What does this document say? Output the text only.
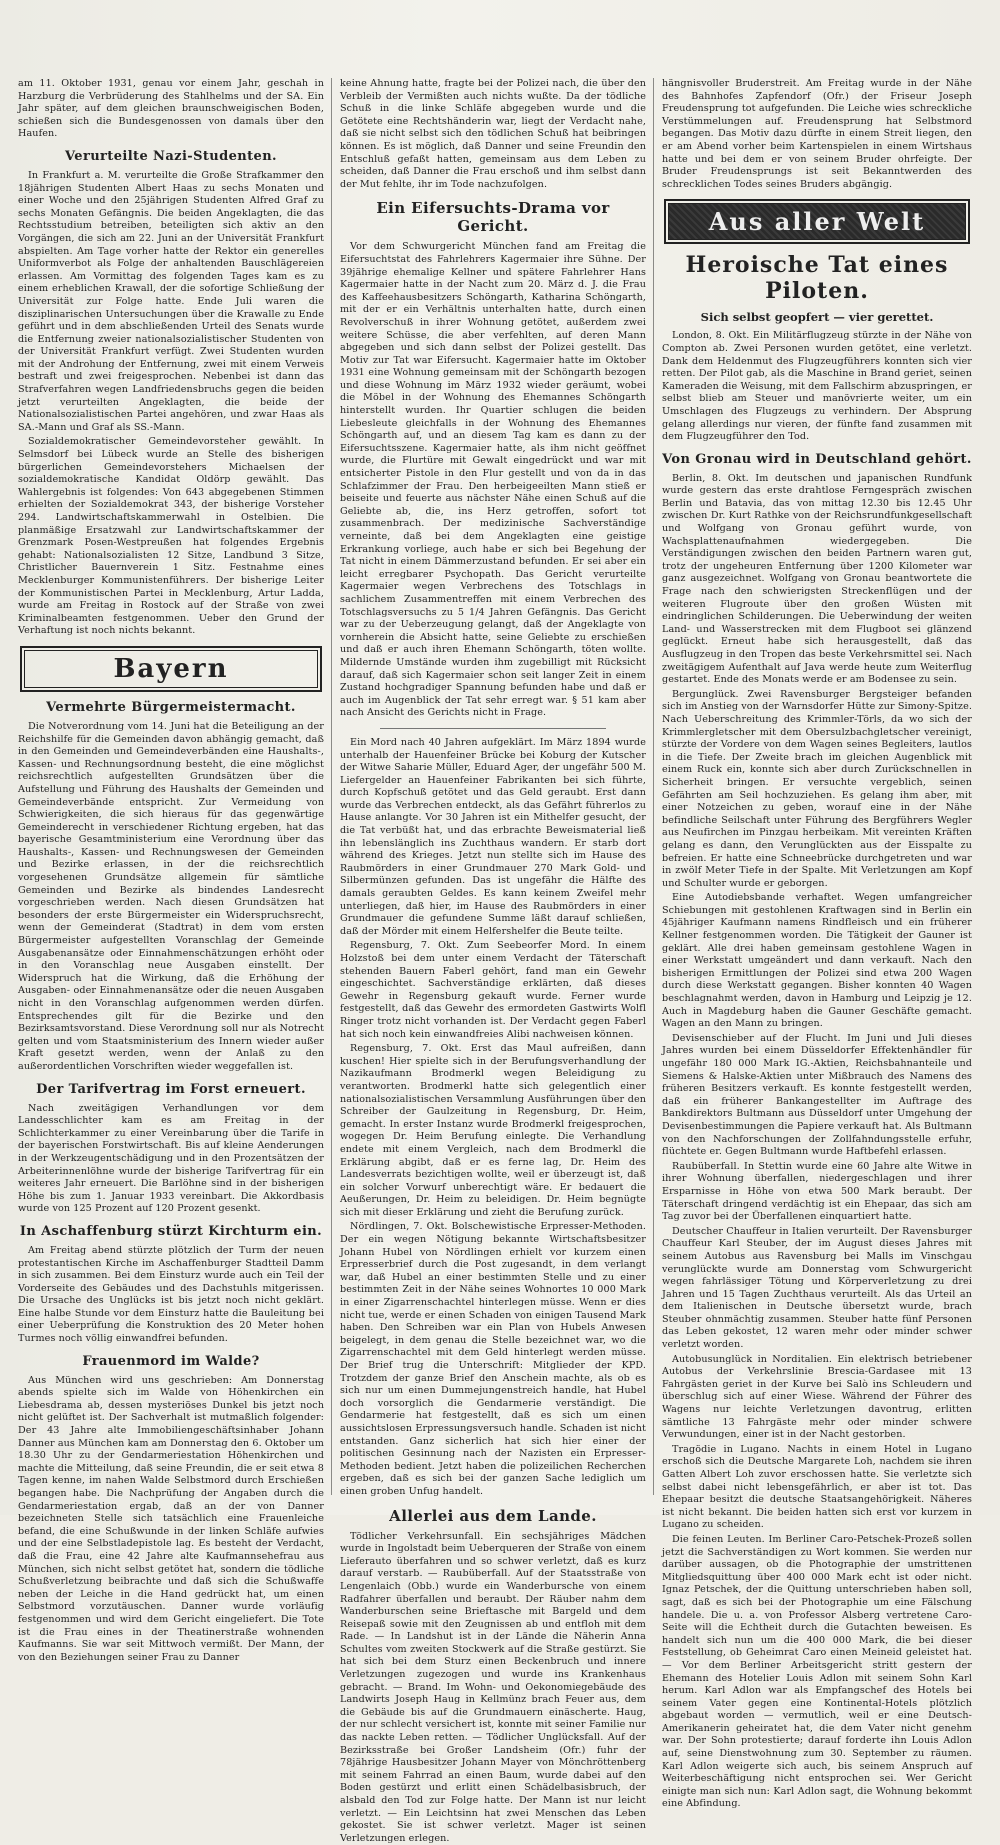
am 11. Oktober 1931, genau vor einem Jahr, geschah in Harzburg die Verbrüderung des Stahlhelms und der SA. Ein Jahr später, auf dem gleichen braunschweigischen Boden, schießen sich die Bundesgenossen von damals über den Haufen.

Verurteilte Nazi-Studenten.

In Frankfurt a. M. verurteilte die Große Strafkammer den 18jährigen Studenten Albert Haas zu sechs Monaten und einer Woche und den 25jährigen Studenten Alfred Graf zu sechs Monaten Gefängnis. Die beiden Angeklagten, die das Rechtsstudium betreiben, beteiligten sich aktiv an den Vorgängen, die sich am 22. Juni an der Universität Frankfurt abspielten. Am Tage vorher hatte der Rektor ein generelles Uniformverbot als Folge der anhaltenden Bauschlägereien erlassen. Am Vormittag des folgenden Tages kam es zu einem erheblichen Krawall, der die sofortige Schließung der Universität zur Folge hatte. Ende Juli waren die disziplinarischen Untersuchungen über die Krawalle zu Ende geführt und in dem abschließenden Urteil des Senats wurde die Entfernung zweier nationalsozialistischer Studenten von der Universität Frankfurt verfügt. Zwei Studenten wurden mit der Androhung der Entfernung, zwei mit einem Verweis bestraft und zwei freigesprochen. Nebenbei ist dann das Strafverfahren wegen Landfriedensbruchs gegen die beiden jetzt verurteilten Angeklagten, die beide der Nationalsozialistischen Partei angehören, und zwar Haas als SA.-Mann und Graf als SS.-Mann.

Sozialdemokratischer Gemeindevorsteher gewählt. In Selmsdorf bei Lübeck wurde an Stelle des bisherigen bürgerlichen Gemeindevorstehers Michaelsen der sozialdemokratische Kandidat Oldörp gewählt. Das Wahlergebnis ist folgendes: Von 643 abgegebenen Stimmen erhielten der Sozialdemokrat 343, der bisherige Vorsteher 294. Landwirtschaftskammerwahl in Ostelbien. Die planmäßige Ersatzwahl zur Landwirtschaftskammer der Grenzmark Posen-Westpreußen hat folgendes Ergebnis gehabt: Nationalsozialisten 12 Sitze, Landbund 3 Sitze, Christlicher Bauernverein 1 Sitz. Festnahme eines Mecklenburger Kommunistenführers. Der bisherige Leiter der Kommunistischen Partei in Mecklenburg, Artur Ladda, wurde am Freitag in Rostock auf der Straße von zwei Kriminalbeamten festgenommen. Ueber den Grund der Verhaftung ist noch nichts bekannt.

Bayern
Vermehrte Bürgermeistermacht.

Die Notverordnung vom 14. Juni hat die Beteiligung an der Reichshilfe für die Gemeinden davon abhängig gemacht, daß in den Gemeinden und Gemeindeverbänden eine Haushalts-, Kassen- und Rechnungsordnung besteht, die eine möglichst reichsrechtlich aufgestellten Grundsätzen über die Aufstellung und Führung des Haushalts der Gemeinden und Gemeindeverbände entspricht. Zur Vermeidung von Schwierigkeiten, die sich hieraus für das gegenwärtige Gemeinderecht in verschiedener Richtung ergeben, hat das bayerische Gesamtministerium eine Verordnung über das Haushalts-, Kassen- und Rechnungswesen der Gemeinden und Bezirke erlassen, in der die reichsrechtlich vorgesehenen Grundsätze allgemein für sämtliche Gemeinden und Bezirke als bindendes Landesrecht vorgeschrieben werden. Nach diesen Grundsätzen hat besonders der erste Bürgermeister ein Widerspruchsrecht, wenn der Gemeinderat (Stadtrat) in dem vom ersten Bürgermeister aufgestellten Voranschlag der Gemeinde Ausgabenansätze oder Einnahmenschätzungen erhöht oder in den Voranschlag neue Ausgaben einstellt. Der Widerspruch hat die Wirkung, daß die Erhöhung der Ausgaben- oder Einnahmenansätze oder die neuen Ausgaben nicht in den Voranschlag aufgenommen werden dürfen. Entsprechendes gilt für die Bezirke und den Bezirksamtsvorstand. Diese Verordnung soll nur als Notrecht gelten und vom Staatsministerium des Innern wieder außer Kraft gesetzt werden, wenn der Anlaß zu den außerordentlichen Vorschriften wieder weggefallen ist.

Der Tarifvertrag im Forst erneuert.

Nach zweitägigen Verhandlungen vor dem Landesschlichter kam es am Freitag in der Schlichterkammer zu einer Vereinbarung über die Tarife in der bayerischen Forstwirtschaft. Bis auf kleine Aenderungen in der Werkzeugentschädigung und in den Prozentsätzen der Arbeiterinnenlöhne wurde der bisherige Tarifvertrag für ein weiteres Jahr erneuert. Die Barlöhne sind in der bisherigen Höhe bis zum 1. Januar 1933 vereinbart. Die Akkordbasis wurde von 125 Prozent auf 120 Prozent gesenkt.

In Aschaffenburg stürzt Kirchturm ein.

Am Freitag abend stürzte plötzlich der Turm der neuen protestantischen Kirche im Aschaffenburger Stadtteil Damm in sich zusammen. Bei dem Einsturz wurde auch ein Teil der Vorderseite des Gebäudes und des Dachstuhls mitgerissen. Die Ursache des Unglücks ist bis jetzt noch nicht geklärt. Eine halbe Stunde vor dem Einsturz hatte die Bauleitung bei einer Ueberprüfung die Konstruktion des 20 Meter hohen Turmes noch völlig einwandfrei befunden.

Frauenmord im Walde?

Aus München wird uns geschrieben: Am Donnerstag abends spielte sich im Walde von Höhenkirchen ein Liebesdrama ab, dessen mysteriöses Dunkel bis jetzt noch nicht gelüftet ist. Der Sachverhalt ist mutmaßlich folgender: Der 43 Jahre alte Immobiliengeschäftsinhaber Johann Danner aus München kam am Donnerstag den 6. Oktober um 18.30 Uhr zu der Gendarmeriestation Höhenkirchen und machte die Mitteilung, daß seine Freundin, die er seit etwa 8 Tagen kenne, im nahen Walde Selbstmord durch Erschießen begangen habe. Die Nachprüfung der Angaben durch die Gendarmeriestation ergab, daß an der von Danner bezeichneten Stelle sich tatsächlich eine Frauenleiche befand, die eine Schußwunde in der linken Schläfe aufwies und der eine Selbstladepistole lag. Es besteht der Verdacht, daß die Frau, eine 42 Jahre alte Kaufmannsehefrau aus München, sich nicht selbst getötet hat, sondern die tödliche Schußverletzung beibrachte und daß sich die Schußwaffe neben der Leiche in die Hand gedrückt hat, um einen Selbstmord vorzutäuschen. Danner wurde vorläufig festgenommen und wird dem Gericht eingeliefert. Die Tote ist die Frau eines in der Theatinerstraße wohnenden Kaufmanns. Sie war seit Mittwoch vermißt. Der Mann, der von den Beziehungen seiner Frau zu Danner

keine Ahnung hatte, fragte bei der Polizei nach, die über den Verbleib der Vermißten auch nichts wußte. Da der tödliche Schuß in die linke Schläfe abgegeben wurde und die Getötete eine Rechtshänderin war, liegt der Verdacht nahe, daß sie nicht selbst sich den tödlichen Schuß hat beibringen können. Es ist möglich, daß Danner und seine Freundin den Entschluß gefaßt hatten, gemeinsam aus dem Leben zu scheiden, daß Danner die Frau erschoß und ihm selbst dann der Mut fehlte, ihr im Tode nachzufolgen.

Ein Eifersuchts-Drama vor Gericht.

Vor dem Schwurgericht München fand am Freitag die Eifersuchtstat des Fahrlehrers Kagermaier ihre Sühne. Der 39jährige ehemalige Kellner und spätere Fahrlehrer Hans Kagermaier hatte in der Nacht zum 20. März d. J. die Frau des Kaffeehausbesitzers Schöngarth, Katharina Schöngarth, mit der er ein Verhältnis unterhalten hatte, durch einen Revolverschuß in ihrer Wohnung getötet, außerdem zwei weitere Schüsse, die aber verfehlten, auf deren Mann abgegeben und sich dann selbst der Polizei gestellt. Das Motiv zur Tat war Eifersucht. Kagermaier hatte im Oktober 1931 eine Wohnung gemeinsam mit der Schöngarth bezogen und diese Wohnung im März 1932 wieder geräumt, wobei die Möbel in der Wohnung des Ehemannes Schöngarth hinterstellt wurden. Ihr Quartier schlugen die beiden Liebesleute gleichfalls in der Wohnung des Ehemannes Schöngarth auf, und an diesem Tag kam es dann zu der Eifersuchtsszene. Kagermaier hatte, als ihm nicht geöffnet wurde, die Flurtüre mit Gewalt eingedrückt und war mit entsicherter Pistole in den Flur gestellt und von da in das Schlafzimmer der Frau. Den herbeigeeilten Mann stieß er beiseite und feuerte aus nächster Nähe einen Schuß auf die Geliebte ab, die, ins Herz getroffen, sofort tot zusammenbrach. Der medizinische Sachverständige verneinte, daß bei dem Angeklagten eine geistige Erkrankung vorliege, auch habe er sich bei Begehung der Tat nicht in einem Dämmerzustand befunden. Er sei aber ein leicht erregbarer Psychopath. Das Gericht verurteilte Kagermaier wegen Verbrechens des Totschlags in sachlichem Zusammentreffen mit einem Verbrechen des Totschlagsversuchs zu 5 1/4 Jahren Gefängnis. Das Gericht war zu der Ueberzeugung gelangt, daß der Angeklagte von vornherein die Absicht hatte, seine Geliebte zu erschießen und daß er auch ihren Ehemann Schöngarth, töten wollte. Mildernde Umstände wurden ihm zugebilligt mit Rücksicht darauf, daß sich Kagermaier schon seit langer Zeit in einem Zustand hochgradiger Spannung befunden habe und daß er auch im Augenblick der Tat sehr erregt war. § 51 kam aber nach Ansicht des Gerichts nicht in Frage.

Ein Mord nach 40 Jahren aufgeklärt. Im März 1894 wurde unterhalb der Hauenfeiner Brücke bei Koburg der Kutscher der Witwe Saharie Müller, Eduard Ager, der ungefähr 500 M. Liefergelder an Hauenfeiner Fabrikanten bei sich führte, durch Kopfschuß getötet und das Geld geraubt. Erst dann wurde das Verbrechen entdeckt, als das Gefährt führerlos zu Hause anlangte. Vor 30 Jahren ist ein Mithelfer gesucht, der die Tat verbüßt hat, und das erbrachte Beweismaterial ließ ihn lebenslänglich ins Zuchthaus wandern. Er starb dort während des Krieges. Jetzt nun stellte sich im Hause des Raubmörders in einer Grundmauer 270 Mark Gold- und Silbermünzen gefunden. Das ist ungefähr die Hälfte des damals geraubten Geldes. Es kann keinem Zweifel mehr unterliegen, daß hier, im Hause des Raubmörders in einer Grundmauer die gefundene Summe läßt darauf schließen, daß der Mörder mit einem Helfershelfer die Beute teilte.

Regensburg, 7. Okt. Zum Seebeorfer Mord. In einem Holzstoß bei dem unter einem Verdacht der Täterschaft stehenden Bauern Faberl gehört, fand man ein Gewehr eingeschichtet. Sachverständige erklärten, daß dieses Gewehr in Regensburg gekauft wurde. Ferner wurde festgestellt, daß das Gewehr des ermordeten Gastwirts Wolfl Ringer trotz nicht vorhanden ist. Der Verdacht gegen Faberl hat sich noch kein einwandfreies Alibi nachweisen können.

Regensburg, 7. Okt. Erst das Maul aufreißen, dann kuschen! Hier spielte sich in der Berufungsverhandlung der Nazikaufmann Brodmerkl wegen Beleidigung zu verantworten. Brodmerkl hatte sich gelegentlich einer nationalsozialistischen Versammlung Ausführungen über den Schreiber der Gaulzeitung in Regensburg, Dr. Heim, gemacht. In erster Instanz wurde Brodmerkl freigesprochen, wogegen Dr. Heim Berufung einlegte. Die Verhandlung endete mit einem Vergleich, nach dem Brodmerkl die Erklärung abgibt, daß er es ferne lag, Dr. Heim des Landesverrats bezichtigen wollte, weil er überzeugt ist, daß ein solcher Vorwurf unberechtigt wäre. Er bedauert die Aeußerungen, Dr. Heim zu beleidigen. Dr. Heim begnügte sich mit dieser Erklärung und zieht die Berufung zurück.

Nördlingen, 7. Okt. Bolschewistische Erpresser-Methoden. Der ein wegen Nötigung bekannte Wirtschaftsbesitzer Johann Hubel von Nördlingen erhielt vor kurzem einen Erpresserbrief durch die Post zugesandt, in dem verlangt war, daß Hubel an einer bestimmten Stelle und zu einer bestimmten Zeit in der Nähe seines Wohnortes 10 000 Mark in einer Zigarrenschachtel hinterlegen müsse. Wenn er dies nicht tue, werde er einen Schaden von einigen Tausend Mark haben. Den Schreiben war ein Plan von Hubels Anwesen beigelegt, in dem genau die Stelle bezeichnet war, wo die Zigarrenschachtel mit dem Geld hinterlegt werden müsse. Der Brief trug die Unterschrift: Mitglieder der KPD. Trotzdem der ganze Brief den Anschein machte, als ob es sich nur um einen Dummejungenstreich handle, hat Hubel doch vorsorglich die Gendarmerie verständigt. Die Gendarmerie hat festgestellt, daß es sich um einen aussichtslosen Erpressungsversuch handle. Schaden ist nicht entstanden. Ganz sicherlich hat sich hier einer der politischen Gesinnung nach der Nazisten ein Erpresser-Methoden bedient. Jetzt haben die polizeilichen Recherchen ergeben, daß es sich bei der ganzen Sache lediglich um einen groben Unfug handelt.

Allerlei aus dem Lande.

Tödlicher Verkehrsunfall. Ein sechsjähriges Mädchen wurde in Ingolstadt beim Ueberqueren der Straße von einem Lieferauto überfahren und so schwer verletzt, daß es kurz darauf verstarb. — Raubüberfall. Auf der Staatsstraße von Lengenlaich (Obb.) wurde ein Wanderbursche von einem Radfahrer überfallen und beraubt. Der Räuber nahm dem Wanderburschen seine Brieftasche mit Bargeld und dem Reisepaß sowie mit den Zeugnissen ab und entfloh mit dem Rade. — In Landshut ist in der Lände die Näherin Anna Schultes vom zweiten Stockwerk auf die Straße gestürzt. Sie hat sich bei dem Sturz einen Beckenbruch und innere Verletzungen zugezogen und wurde ins Krankenhaus gebracht. — Brand. Im Wohn- und Oekonomiegebäude des Landwirts Joseph Haug in Kellmünz brach Feuer aus, dem die Gebäude bis auf die Grundmauern einäscherte. Haug, der nur schlecht versichert ist, konnte mit seiner Familie nur das nackte Leben retten. — Tödlicher Unglücksfall. Auf der Bezirksstraße bei Großer Landsheim (Ofr.) fuhr der 78jährige Hausbesitzer Johann Mayer von Mönchröttenberg mit seinem Fahrrad an einen Baum, wurde dabei auf den Boden gestürzt und erlitt einen Schädelbasisbruch, der alsbald den Tod zur Folge hatte. Der Mann ist nur leicht verletzt. — Ein Leichtsinn hat zwei Menschen das Leben gekostet. Sie ist schwer verletzt. Mager ist seinen Verletzungen erlegen.

hängnisvoller Bruderstreit. Am Freitag wurde in der Nähe des Bahnhofes Zapfendorf (Ofr.) der Friseur Joseph Freudensprung tot aufgefunden. Die Leiche wies schreckliche Verstümmelungen auf. Freudensprung hat Selbstmord begangen. Das Motiv dazu dürfte in einem Streit liegen, den er am Abend vorher beim Kartenspielen in einem Wirtshaus hatte und bei dem er von seinem Bruder ohrfeigte. Der Bruder Freudensprungs ist seit Bekanntwerden des schrecklichen Todes seines Bruders abgängig.

Aus aller Welt
Heroische Tat eines Piloten.
Sich selbst geopfert — vier gerettet.

London, 8. Okt. Ein Militärflugzeug stürzte in der Nähe von Compton ab. Zwei Personen wurden getötet, eine verletzt. Dank dem Heldenmut des Flugzeugführers konnten sich vier retten. Der Pilot gab, als die Maschine in Brand geriet, seinen Kameraden die Weisung, mit dem Fallschirm abzuspringen, er selbst blieb am Steuer und manövrierte weiter, um ein Umschlagen des Flugzeugs zu verhindern. Der Absprung gelang allerdings nur vieren, der fünfte fand zusammen mit dem Flugzeugführer den Tod.

Von Gronau wird in Deutschland gehört.

Berlin, 8. Okt. Im deutschen und japanischen Rundfunk wurde gestern das erste drahtlose Ferngespräch zwischen Berlin und Batavia, das von mittag 12.30 bis 12.45 Uhr zwischen Dr. Kurt Rathke von der Reichsrundfunkgesellschaft und Wolfgang von Gronau geführt wurde, von Wachsplattenaufnahmen wiedergegeben. Die Verständigungen zwischen den beiden Partnern waren gut, trotz der ungeheuren Entfernung über 1200 Kilometer war ganz ausgezeichnet. Wolfgang von Gronau beantwortete die Frage nach den schwierigsten Streckenflügen und der weiteren Flugroute über den großen Wüsten mit eindringlichen Schilderungen. Die Ueberwindung der weiten Land- und Wasserstrecken mit dem Flugboot sei glänzend geglückt. Erneut habe sich herausgestellt, daß das Ausflugzeug in den Tropen das beste Verkehrsmittel sei. Nach zweitägigem Aufenthalt auf Java werde heute zum Weiterflug gestartet. Ende des Monats werde er am Bodensee zu sein.

Bergunglück. Zwei Ravensburger Bergsteiger befanden sich im Anstieg von der Warnsdorfer Hütte zur Simony-Spitze. Nach Ueberschreitung des Krimmler-Törls, da wo sich der Krimmlergletscher mit dem Obersulzbachgletscher vereinigt, stürzte der Vordere von dem Wagen seines Begleiters, lautlos in die Tiefe. Der Zweite brach im gleichen Augenblick mit einem Ruck ein, konnte sich aber durch Zurückschnellen in Sicherheit bringen. Er versuchte vergeblich, seinen Gefährten am Seil hochzuziehen. Es gelang ihm aber, mit einer Notzeichen zu geben, worauf eine in der Nähe befindliche Seilschaft unter Führung des Bergführers Wegler aus Neufirchen im Pinzgau herbeikam. Mit vereinten Kräften gelang es dann, den Verunglückten aus der Eisspalte zu befreien. Er hatte eine Schneebrücke durchgetreten und war in zwölf Meter Tiefe in der Spalte. Mit Verletzungen am Kopf und Schulter wurde er geborgen.

Eine Autodiebsbande verhaftet. Wegen umfangreicher Schiebungen mit gestohlenen Kraftwagen sind in Berlin ein 45jähriger Kaufmann namens Rindfleisch und ein früherer Kellner festgenommen worden. Die Tätigkeit der Gauner ist geklärt. Alle drei haben gemeinsam gestohlene Wagen in einer Werkstatt umgeändert und dann verkauft. Nach den bisherigen Ermittlungen der Polizei sind etwa 200 Wagen durch diese Werkstatt gegangen. Bisher konnten 40 Wagen beschlagnahmt werden, davon in Hamburg und Leipzig je 12. Auch in Magdeburg haben die Gauner Geschäfte gemacht. Wagen an den Mann zu bringen.

Devisenschieber auf der Flucht. Im Juni und Juli dieses Jahres wurden bei einem Düsseldorfer Effektenhändler für ungefähr 180 000 Mark IG.-Aktien, Reichsbahnanteile und Siemens & Halske-Aktien unter Mißbrauch des Namens des früheren Besitzers verkauft. Es konnte festgestellt werden, daß ein früherer Bankangestellter im Auftrage des Bankdirektors Bultmann aus Düsseldorf unter Umgehung der Devisenbestimmungen die Papiere verkauft hat. Als Bultmann von den Nachforschungen der Zollfahndungsstelle erfuhr, flüchtete er. Gegen Bultmann wurde Haftbefehl erlassen.

Raubüberfall. In Stettin wurde eine 60 Jahre alte Witwe in ihrer Wohnung überfallen, niedergeschlagen und ihrer Ersparnisse in Höhe von etwa 500 Mark beraubt. Der Täterschaft dringend verdächtig ist ein Ehepaar, das sich am Tag zuvor bei der Überfallenen einquartiert hatte.

Deutscher Chauffeur in Italien verurteilt. Der Ravensburger Chauffeur Karl Steuber, der im August dieses Jahres mit seinem Autobus aus Ravensburg bei Malls im Vinschgau verunglückte wurde am Donnerstag vom Schwurgericht wegen fahrlässiger Tötung und Körperverletzung zu drei Jahren und 15 Tagen Zuchthaus verurteilt. Als das Urteil an dem Italienischen in Deutsche übersetzt wurde, brach Steuber ohnmächtig zusammen. Steuber hatte fünf Personen das Leben gekostet, 12 waren mehr oder minder schwer verletzt worden.

Autobusunglück in Norditalien. Ein elektrisch betriebener Autobus der Verkehrslinie Brescia-Gardasee mit 13 Fahrgästen geriet in der Kurve bei Salò ins Schleudern und überschlug sich auf einer Wiese. Während der Führer des Wagens nur leichte Verletzungen davontrug, erlitten sämtliche 13 Fahrgäste mehr oder minder schwere Verwundungen, einer ist in der Nacht gestorben.

Tragödie in Lugano. Nachts in einem Hotel in Lugano erschoß sich die Deutsche Margarete Loh, nachdem sie ihren Gatten Albert Loh zuvor erschossen hatte. Sie verletzte sich selbst dabei nicht lebensgefährlich, er aber ist tot. Das Ehepaar besitzt die deutsche Staatsangehörigkeit. Näheres ist nicht bekannt. Die beiden hatten sich erst vor kurzem in Lugano zu scheiden.

Die feinen Leuten. Im Berliner Caro-Petschek-Prozeß sollen jetzt die Sachverständigen zu Wort kommen. Sie werden nur darüber aussagen, ob die Photographie der umstrittenen Mitgliedsquittung über 400 000 Mark echt ist oder nicht. Ignaz Petschek, der die Quittung unterschrieben haben soll, sagt, daß es sich bei der Photographie um eine Fälschung handele. Die u. a. von Professor Alsberg vertretene Caro-Seite will die Echtheit durch die Gutachten beweisen. Es handelt sich nun um die 400 000 Mark, die bei dieser Feststellung, ob Geheimrat Caro einen Meineid geleistet hat. — Vor dem Berliner Arbeitsgericht stritt gestern der Ehemann des Hotelier Louis Adlon mit seinem Sohn Karl herum. Karl Adlon war als Empfangschef des Hotels bei seinem Vater gegen eine Kontinental-Hotels plötzlich abgebaut worden — vermutlich, weil er eine Deutsch-Amerikanerin geheiratet hat, die dem Vater nicht genehm war. Der Sohn protestierte; darauf forderte ihn Louis Adlon auf, seine Dienstwohnung zum 30. September zu räumen. Karl Adlon weigerte sich auch, bis seinem Anspruch auf Weiterbeschäftigung nicht entsprochen sei. Wer Gericht einigte man sich nun: Karl Adlon sagt, die Wohnung bekommt eine Abfindung.
